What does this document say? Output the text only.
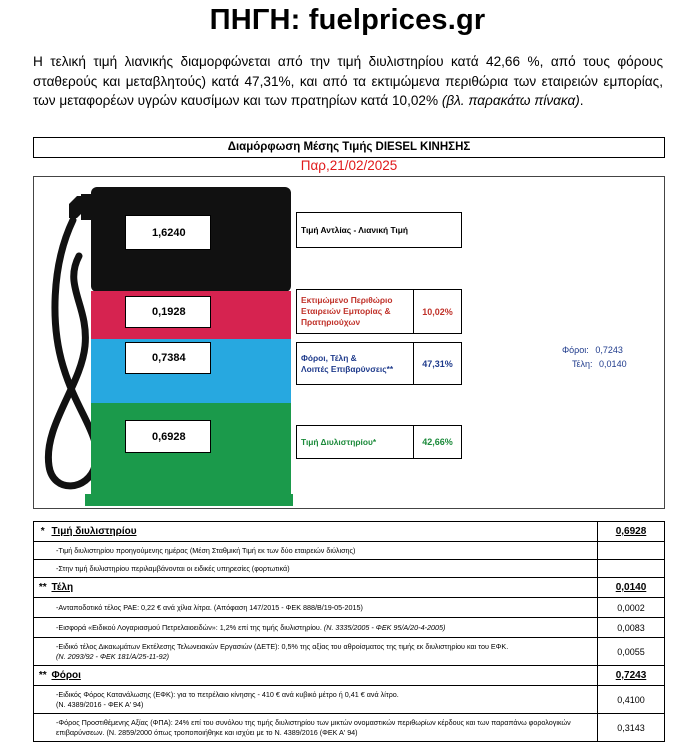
ΠΗΓΗ: fuelprices.gr

Η τελική τιμή λιανικής διαμορφώνεται από την τιμή διυλιστηρίου κατά 42,66 %, από τους φόρους σταθερούς και μεταβλητούς) κατά 47,31%, και από τα εκτιμώμενα περιθώρια των εταιρειών εμπορίας, των μεταφορέων υγρών καυσίμων και των πρατηρίων κατά 10,02% (βλ. παρακάτω πίνακα).

Διαμόρφωση Μέσης Τιμής DIESEL ΚΙΝΗΣΗΣ
Παρ,21/02/2025
1,6240
0,1928
0,7384
0,6928
Τιμή Αντλίας - Λιανική Τιμή
Εκτιμώμενο Περιθώριο
Εταιρειών Εμπορίας &
Πρατηριούχων
10,02%
Φόροι, Τέλη &
Λοιπές Επιβαρύνσεις**	47,31%
Τιμή Διυλιστηρίου*	42,66%
Φόροι: 0,7243
Τέλη: 0,0140
*	Τιμή διυλιστηρίου	0,6928
-Τιμή διυλιστηρίου προηγούμενης ημέρας (Μέση Σταθμική Τιμή εκ των δύο εταιρειών διύλισης)		
-Στην τιμή διυλιστηρίου περιλαμβάνονται οι ειδικές υπηρεσίες (φορτωτικά)		
**	Τέλη	0,0140
-Ανταποδοτικό τέλος ΡΑΕ: 0,22 € ανά χίλια λίτρα. (Απόφαση 147/2015 - ΦΕΚ 888/Β/19-05-2015)		0,0002
-Εισφορά «Ειδικού Λογαριασμού Πετρελαιοειδών»: 1,2% επί της τιμής διυλιστηρίου. (Ν. 3335/2005 - ΦΕΚ 95/Α/20-4-2005)		0,0083
-Ειδικό τέλος Δικαιωμάτων Εκτέλεσης Τελωνειακών Εργασιών (ΔΕΤΕ): 0,5% της αξίας του αθροίσματος της τιμής εκ διυλιστηρίου και του ΕΦΚ.
(Ν. 2093/92 - ΦΕΚ 181/Α/25-11-92)		0,0055
**	Φόροι	0,7243
-Ειδικός Φόρος Κατανάλωσης (ΕΦΚ): για το πετρέλαιο κίνησης - 410 € ανά κυβικό μέτρο ή 0,41 € ανά λίτρο.
(Ν. 4389/2016 - ΦΕΚ Α' 94)		0,4100
-Φόρος Προστιθέμενης Αξίας (ΦΠΑ): 24% επί του συνόλου της τιμής διυλιστηρίου των μικτών ονομαστικών περιθωρίων κέρδους και των παραπάνω φορολογικών επιβαρύνσεων. (Ν. 2859/2000 όπως τροποποιήθηκε και ισχύει με το Ν. 4389/2016 (ΦΕΚ Α' 94)		0,3143
